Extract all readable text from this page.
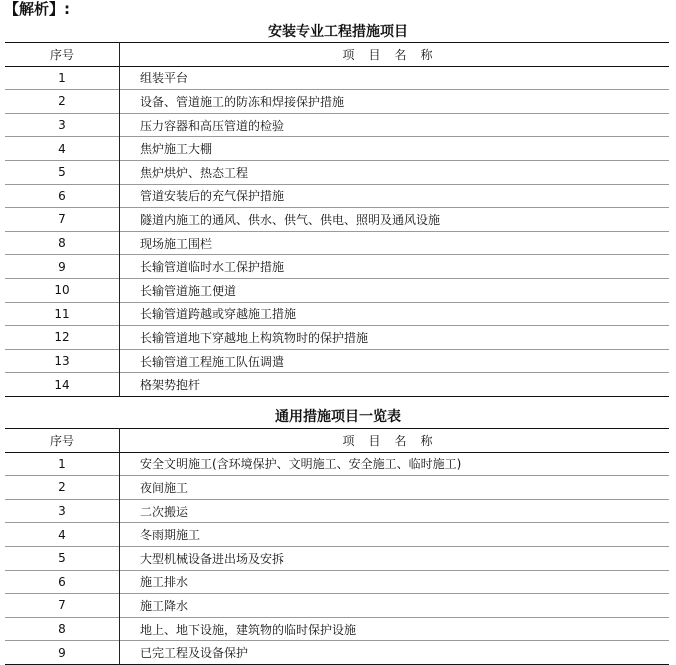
【解析】:
安装专业工程措施项目
序号	项目名称
1	组装平台
2	设备、管道施工的防冻和焊接保护措施
3	压力容器和高压管道的检验
4	焦炉施工大棚
5	焦炉烘炉、热态工程
6	管道安装后的充气保护措施
7	隧道内施工的通风、供水、供气、供电、照明及通风设施
8	现场施工围栏
9	长输管道临时水工保护措施
10	长输管道施工便道
11	长输管道跨越或穿越施工措施
12	长输管道地下穿越地上构筑物时的保护措施
13	长输管道工程施工队伍调遣
14	格架势抱杆
通用措施项目一览表
序号	项目名称
1	安全文明施工(含环境保护、文明施工、安全施工、临时施工)
2	夜间施工
3	二次搬运
4	冬雨期施工
5	大型机械设备进出场及安拆
6	施工排水
7	施工降水
8	地上、地下设施，建筑物的临时保护设施
9	已完工程及设备保护
